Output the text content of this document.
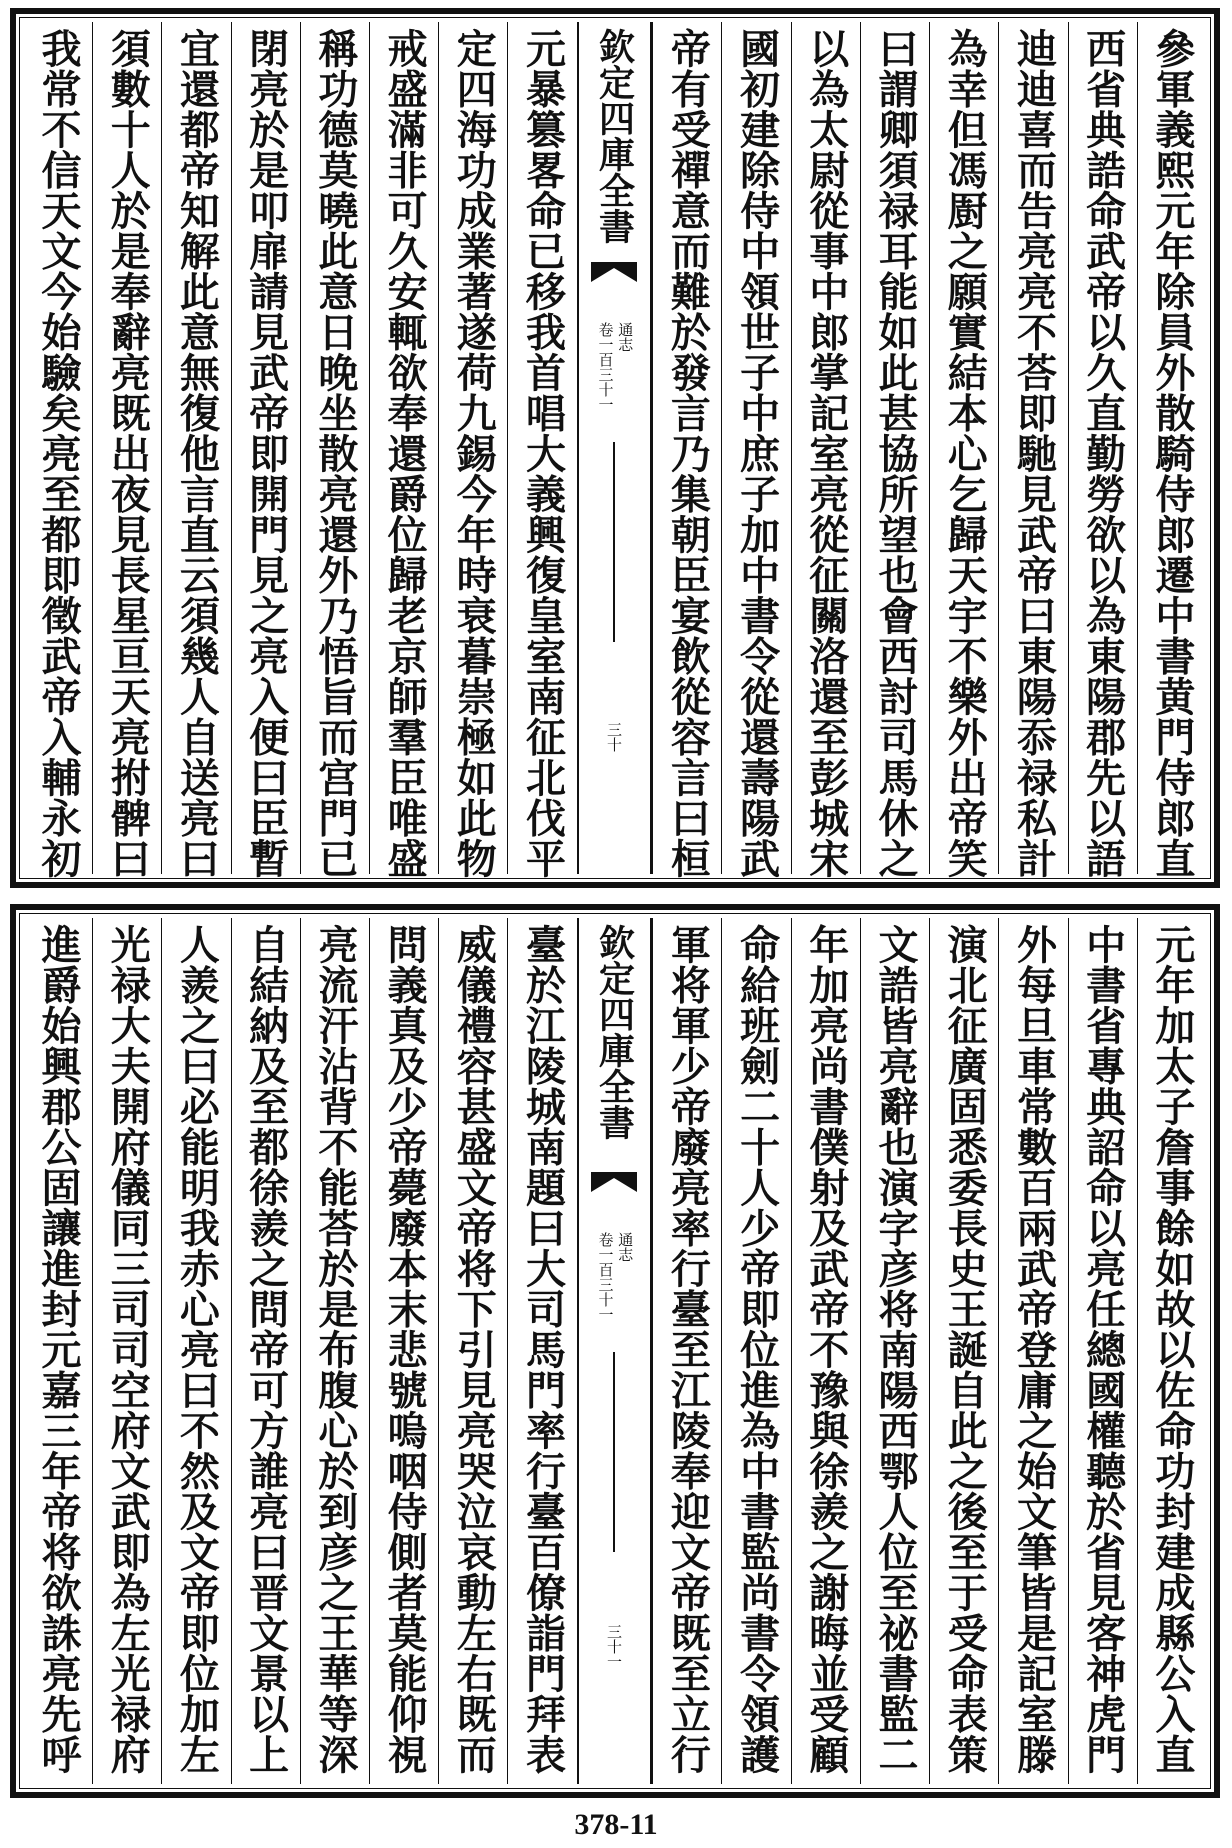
參軍義熙元年除員外散騎侍郎遷中書黄門侍郎直
西省典誥命武帝以久直勤勞欲以為東陽郡先以語
迪迪喜而告亮亮不荅即馳見武帝曰東陽忝禄私計
為幸但馮㕑之願實結本心乞歸天宇不樂外出帝笑
曰謂卿須禄耳能如此甚協所望也會西討司馬休之
以為太尉從事中郎掌記室亮從征關洛還至彭城宋
國初建除侍中領世子中庶子加中書令從還壽陽武
帝有受禪意而難於發言乃集朝臣宴飲從容言曰桓
欽定四庫全書
通志
卷一百三十一
三十
元暴篡畧命已移我首唱大義興復皇室南征北伐平
定四海功成業著遂荷九錫今年時衰暮崇極如此物
戒盛滿非可久安輒欲奉還爵位歸老京師羣臣唯盛
稱功德莫曉此意日晚坐散亮還外乃悟旨而宫門已
閉亮於是叩扉請見武帝即開門見之亮入便曰臣暫
宜還都帝知解此意無復他言直云須幾人自送亮曰
須數十人於是奉辭亮既出夜見長星亘天亮拊髀曰
我常不信天文今始驗矣亮至都即徵武帝入輔永初
元年加太子詹事餘如故以佐命功封建成縣公入直
中書省專典詔命以亮任總國權聽於省見客神虎門
外每旦車常數百兩武帝登庸之始文筆皆是記室滕
演北征廣固悉委長史王誕自此之後至于受命表策
文誥皆亮辭也演字彦将南陽西鄂人位至祕書監二
年加亮尚書僕射及武帝不豫與徐羨之謝晦並受顧
命給班劍二十人少帝即位進為中書監尚書令領護
軍将軍少帝廢亮率行臺至江陵奉迎文帝既至立行
欽定四庫全書
通志
卷一百三十一
三十一
臺於江陵城南題曰大司馬門率行臺百僚詣門拜表
威儀禮容甚盛文帝将下引見亮哭泣哀動左右既而
問義真及少帝薨廢本末悲號嗚咽侍側者莫能仰視
亮流汗沾背不能荅於是布腹心於到彦之王華等深
自結納及至都徐羨之問帝可方誰亮曰晋文景以上
人羨之曰必能明我赤心亮曰不然及文帝即位加左
光禄大夫開府儀同三司司空府文武即為左光禄府
進爵始興郡公固讓進封元嘉三年帝将欲誅亮先呼
378-11
